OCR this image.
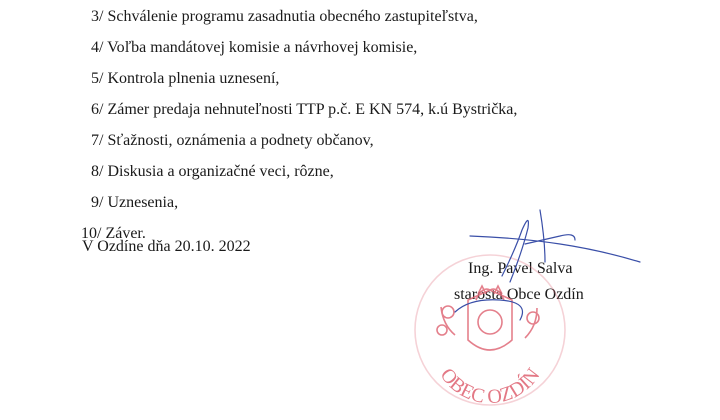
3/ Schválenie programu zasadnutia obecného zastupiteľstva,
4/ Voľba mandátovej komisie a návrhovej komisie,
5/ Kontrola plnenia uznesení,
6/ Zámer predaja nehnuteľnosti TTP p.č. E KN 574, k.ú Bystrička,
7/ Sťažnosti, oznámenia a podnety občanov,
8/ Diskusia a organizačné veci, rôzne,
9/ Uznesenia,
10/ Záver.
V Ozdíne dňa 20.10. 2022
Ing. Pavel Salva
starosta Obce Ozdín
OBEC OZDÍN
